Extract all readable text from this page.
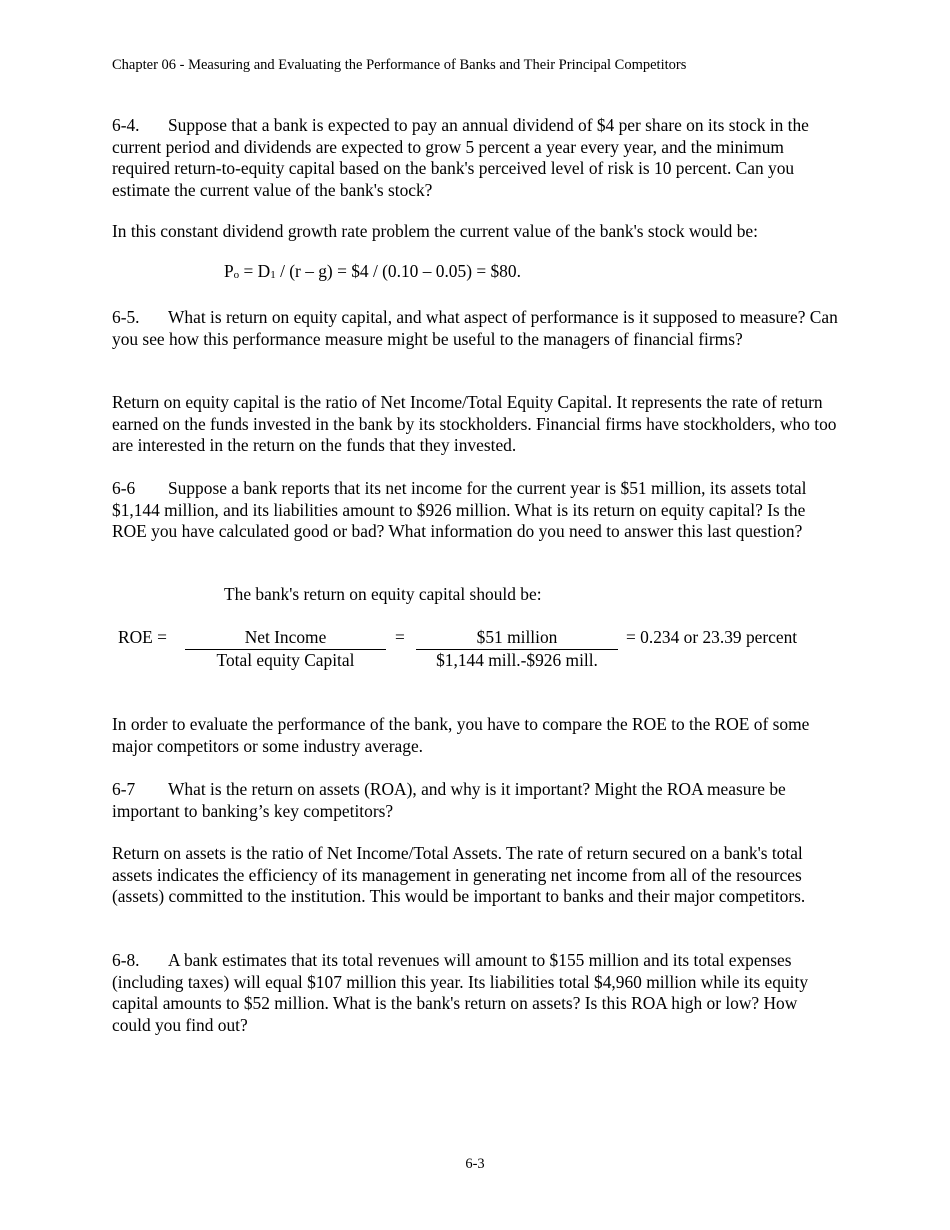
Chapter 06 - Measuring and Evaluating the Performance of Banks and Their Principal Competitors
6-4. Suppose that a bank is expected to pay an annual dividend of $4 per share on its stock in the current period and dividends are expected to grow 5 percent a year every year, and the minimum required return-to-equity capital based on the bank's perceived level of risk is 10 percent. Can you estimate the current value of the bank's stock?
In this constant dividend growth rate problem the current value of the bank's stock would be:
$P_o = D_1 / (r - g)$ = $4 / (0.10 – 0.05) = $80.
6-5. What is return on equity capital, and what aspect of performance is it supposed to measure? Can you see how this performance measure might be useful to the managers of financial firms?
Return on equity capital is the ratio of Net Income/Total Equity Capital. It represents the rate of return earned on the funds invested in the bank by its stockholders. Financial firms have stockholders, who too are interested in the return on the funds that they invested.
6-6 Suppose a bank reports that its net income for the current year is $51 million, its assets total $1,144 million, and its liabilities amount to $926 million. What is its return on equity capital? Is the ROE you have calculated good or bad? What information do you need to answer this last question?
The bank's return on equity capital should be:
ROE =	Net Income
Total equity Capital
=	$51 million
$1,144 mill.-$926 mill.
= 0.234 or 23.39 percent
In order to evaluate the performance of the bank, you have to compare the ROE to the ROE of some major competitors or some industry average.
6-7 What is the return on assets (ROA), and why is it important? Might the ROA measure be important to banking’s key competitors?
Return on assets is the ratio of Net Income/Total Assets. The rate of return secured on a bank's total assets indicates the efficiency of its management in generating net income from all of the resources (assets) committed to the institution. This would be important to banks and their major competitors.
6-8. A bank estimates that its total revenues will amount to $155 million and its total expenses (including taxes) will equal $107 million this year. Its liabilities total $4,960 million while its equity capital amounts to $52 million. What is the bank's return on assets? Is this ROA high or low? How could you find out?
6-3
